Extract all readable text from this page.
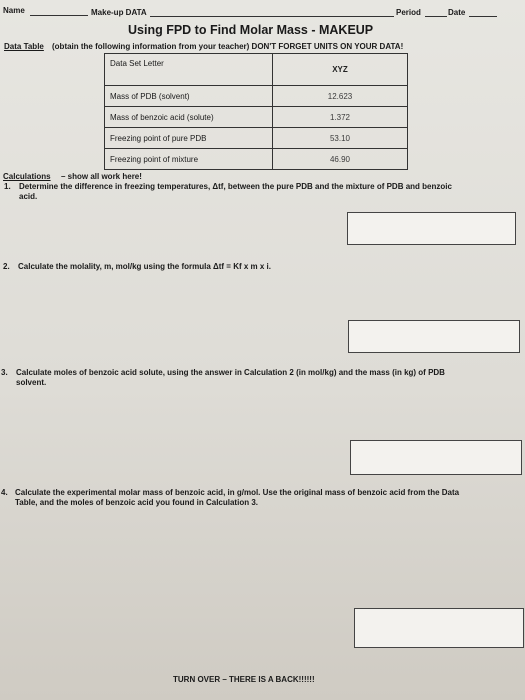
Name	Make-up DATA	Period	Date
Using FPD to Find Molar Mass - MAKEUP
Data Table (obtain the following information from your teacher) DON'T FORGET UNITS ON YOUR DATA!
Data Set Letter	XYZ
Mass of PDB (solvent)	12.623
Mass of benzoic acid (solute)	1.372
Freezing point of pure PDB	53.10
Freezing point of mixture	46.90
Calculations – show all work here!
1. Determine the difference in freezing temperatures, Δtf, between the pure PDB and the mixture of PDB and benzoic
acid.
2. Calculate the molality, m, mol/kg using the formula Δtf = Kf x m x i.
3. Calculate moles of benzoic acid solute, using the answer in Calculation 2 (in mol/kg) and the mass (in kg) of PDB
solvent.
4. Calculate the experimental molar mass of benzoic acid, in g/mol. Use the original mass of benzoic acid from the Data
Table, and the moles of benzoic acid you found in Calculation 3.
TURN OVER – THERE IS A BACK!!!!!!
